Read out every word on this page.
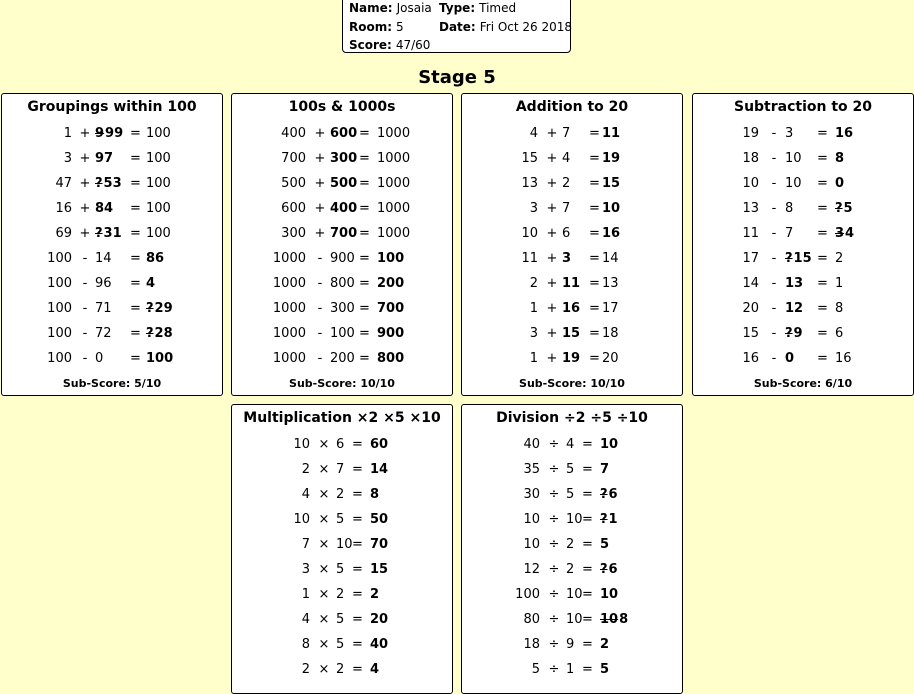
Name: Josaia Type: Timed
Room: 5	Date: Fri Oct 26 2018
Score: 47/60
Stage 5
Groupings within 100
1 + 999 = 100
3 + 97 = 100
47 + ?53 = 100
16 + 84 = 100
69 + ?31 = 100
100 - 14 = 86
100 - 96 = 4
100 - 71 = ?29
100 - 72 = ?28
100 - 0 = 100
Sub-Score: 5/10
100s & 1000s
400 + 600 = 1000
700 + 300 = 1000
500 + 500 = 1000
600 + 400 = 1000
300 + 700 = 1000
1000 - 900 = 100
1000 - 800 = 200
1000 - 300 = 700
1000 - 100 = 900
1000 - 200 = 800
Sub-Score: 10/10
Addition to 20
4 + 7 = 11
15 + 4 = 19
13 + 2 = 15
3 + 7 = 10
10 + 6 = 16
11 + 3 = 14
2 + 11 = 13
1 + 16 = 17
3 + 15 = 18
1 + 19 = 20
Sub-Score: 10/10
Subtraction to 20
19 - 3 = 16
18 - 10 = 8
10 - 10 = 0
13 - 8 = ?5
11 - 7 = 34
17 - ?15 = 2
14 - 13 = 1
20 - 12 = 8
15 - ?9 = 6
16 - 0 = 16
Sub-Score: 6/10
Multiplication ×2 ×5 ×10
10 × 6 = 60
2 × 7 = 14
4 × 2 = 8
10 × 5 = 50
7 × 10 = 70
3 × 5 = 15
1 × 2 = 2
4 × 5 = 20
8 × 5 = 40
2 × 2 = 4
Division ÷2 ÷5 ÷10
40 ÷ 4 = 10
35 ÷ 5 = 7
30 ÷ 5 = ?6
10 ÷ 10 = ?1
10 ÷ 2 = 5
12 ÷ 2 = ?6
100 ÷ 10 = 10
80 ÷ 10 = 108
18 ÷ 9 = 2
5 ÷ 1 = 5
